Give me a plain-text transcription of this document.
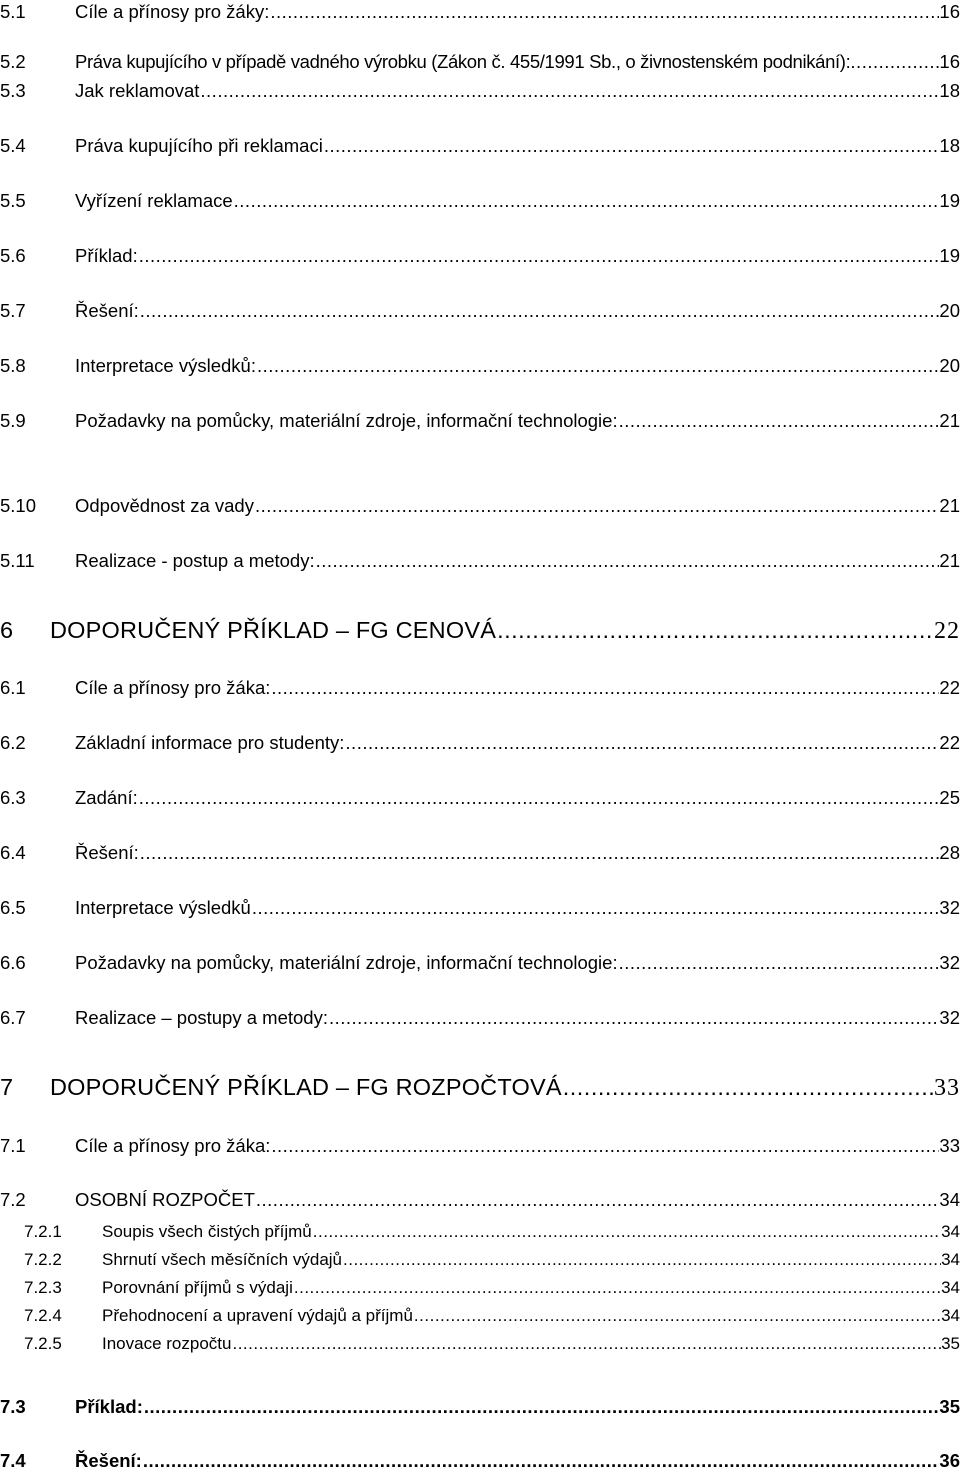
5.1	Cíle a přínosy pro žáky: .....	16
5.2	Práva kupujícího v případě vadného výrobku (Zákon č. 455/1991 Sb., o živnostenském podnikání): .....	16
5.3	Jak reklamovat .....	18
5.4	Práva kupujícího při reklamaci .....	18
5.5	Vyřízení reklamace .....	19
5.6	Příklad: .....	19
5.7	Řešení: .....	20
5.8	Interpretace výsledků: .....	20
5.9	Požadavky na pomůcky, materiální zdroje, informační technologie: .....	21
5.10	Odpovědnost za vady .....	21
5.11	Realizace - postup a metody: .....	21
6	DOPORUČENÝ PŘÍKLAD – FG CENOVÁ .....	22
6.1	Cíle a přínosy pro žáka: .....	22
6.2	Základní informace pro studenty: .....	22
6.3	Zadání: .....	25
6.4	Řešení: .....	28
6.5	Interpretace výsledků .....	32
6.6	Požadavky na pomůcky, materiální zdroje, informační technologie: .....	32
6.7	Realizace – postupy a metody: .....	32
7	DOPORUČENÝ PŘÍKLAD – FG ROZPOČTOVÁ .....	33
7.1	Cíle a přínosy pro žáka: .....	33
7.2	OSOBNÍ ROZPOČET .....	34
7.2.1	Soupis všech čistých příjmů .....	34
7.2.2	Shrnutí všech měsíčních výdajů .....	34
7.2.3	Porovnání příjmů s výdaji .....	34
7.2.4	Přehodnocení a upravení výdajů a příjmů .....	34
7.2.5	Inovace rozpočtu .....	35
7.3	Příklad: .....	35
7.4	Řešení: .....	36
